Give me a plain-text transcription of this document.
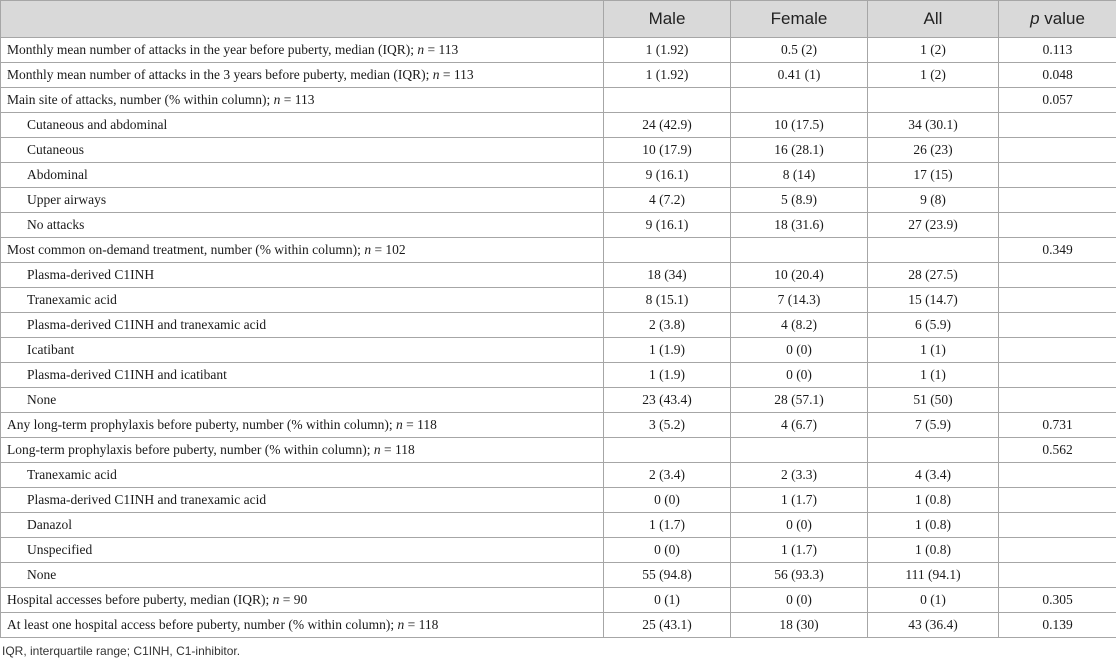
	Male	Female	All	p value
Monthly mean number of attacks in the year before puberty, median (IQR); n = 113	1 (1.92)	0.5 (2)	1 (2)	0.113
Monthly mean number of attacks in the 3 years before puberty, median (IQR); n = 113	1 (1.92)	0.41 (1)	1 (2)	0.048
Main site of attacks, number (% within column); n = 113				0.057
Cutaneous and abdominal	24 (42.9)	10 (17.5)	34 (30.1)	
Cutaneous	10 (17.9)	16 (28.1)	26 (23)	
Abdominal	9 (16.1)	8 (14)	17 (15)	
Upper airways	4 (7.2)	5 (8.9)	9 (8)	
No attacks	9 (16.1)	18 (31.6)	27 (23.9)	
Most common on-demand treatment, number (% within column); n = 102				0.349
Plasma-derived C1INH	18 (34)	10 (20.4)	28 (27.5)	
Tranexamic acid	8 (15.1)	7 (14.3)	15 (14.7)	
Plasma-derived C1INH and tranexamic acid	2 (3.8)	4 (8.2)	6 (5.9)	
Icatibant	1 (1.9)	0 (0)	1 (1)	
Plasma-derived C1INH and icatibant	1 (1.9)	0 (0)	1 (1)	
None	23 (43.4)	28 (57.1)	51 (50)	
Any long-term prophylaxis before puberty, number (% within column); n = 118	3 (5.2)	4 (6.7)	7 (5.9)	0.731
Long-term prophylaxis before puberty, number (% within column); n = 118				0.562
Tranexamic acid	2 (3.4)	2 (3.3)	4 (3.4)	
Plasma-derived C1INH and tranexamic acid	0 (0)	1 (1.7)	1 (0.8)	
Danazol	1 (1.7)	0 (0)	1 (0.8)	
Unspecified	0 (0)	1 (1.7)	1 (0.8)	
None	55 (94.8)	56 (93.3)	111 (94.1)	
Hospital accesses before puberty, median (IQR); n = 90	0 (1)	0 (0)	0 (1)	0.305
At least one hospital access before puberty, number (% within column); n = 118	25 (43.1)	18 (30)	43 (36.4)	0.139
IQR, interquartile range; C1INH, C1-inhibitor.
